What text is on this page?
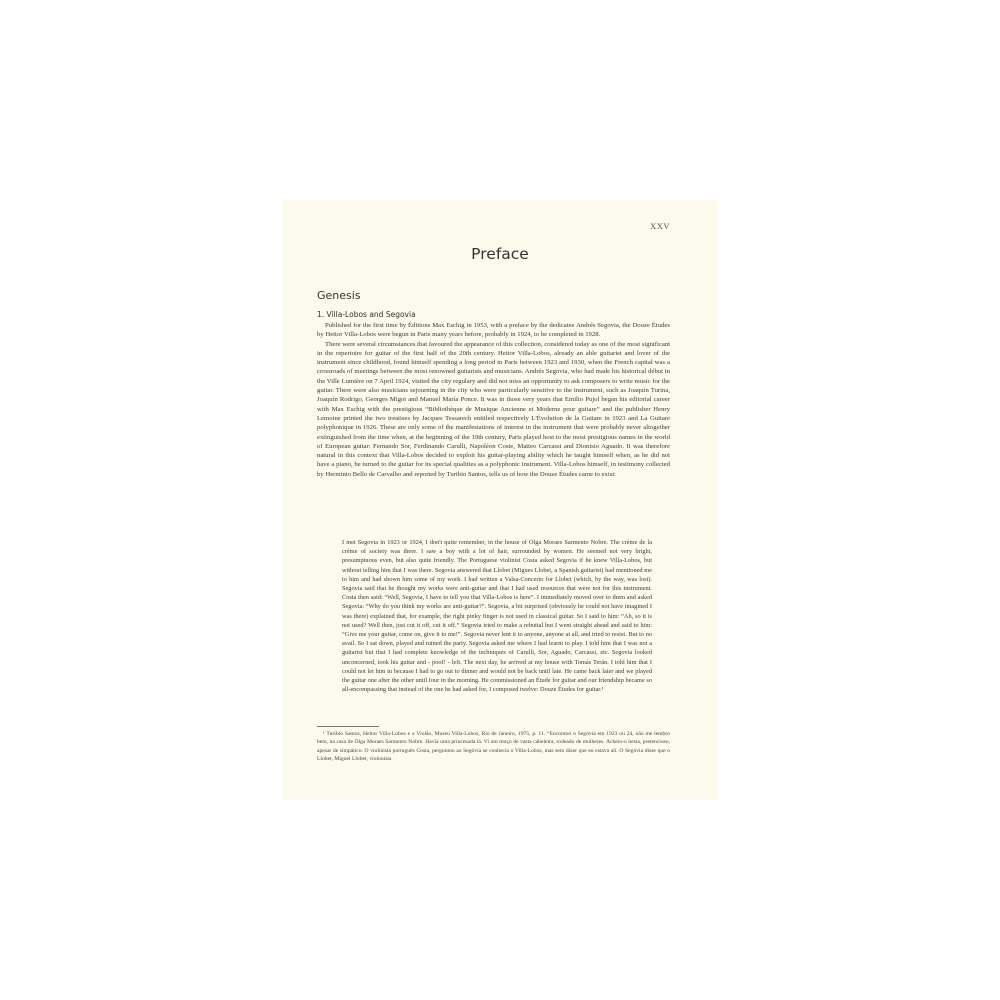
XXV
Preface
Genesis
1. Villa-Lobos and Segovia

Published for the first time by Éditions Max Eschig in 1953, with a preface by the dedicatee Andrés Segovia, the Douze Études by Heitor Villa-Lobos were begun in Paris many years before, probably in 1924, to be completed in 1928.

There were several circumstances that favoured the appearance of this collection, considered today as one of the most significant in the repertoire for guitar of the first half of the 20th century. Heitor Villa-Lobos, already an able guitarist and lover of the instrument since childhood, found himself spending a long period in Paris between 1923 and 1930, when the French capital was a crossroads of meetings between the most renowned guitarists and musicians. Andrés Segovia, who had made his historical début in the Ville Lumière on 7 April 1924, visited the city regulary and did not miss an opportunity to ask composers to write music for the guitar. There were also musicians sejourning in the city who were particularly sensitive to the instrument, such as Joaquín Turina, Joaquín Rodrigo, Georges Migot and Manuel María Ponce. It was in those very years that Emilio Pujol began his editorial career with Max Eschig with the prestigious “Bibliothèque de Musique Ancienne et Moderne pour guitare” and the publisher Henry Lemoine printed the two treatises by Jacques Tessarech entitled respectively L'Évolution de la Guitare in 1923 and La Guitare polyphonique in 1926. These are only some of the manifestations of interest in the instrument that were probably never altogether extinguished from the time when, at the beginning of the 19th century, Paris played host to the most prestigious names in the world of European guitar: Fernando Sor, Ferdinando Carulli, Napoléon Coste, Matteo Carcassi and Dionisio Aguado. It was therefore natural in this context that Villa-Lobos decided to exploit his guitar-playing ability which he taught himself when, as he did not have a piano, he turned to the guitar for its special qualities as a polyphonic instrument. Villa-Lobos himself, in testimony collected by Herminio Bello de Carvalho and reported by Turibio Santos, tells us of how the Douze Études came to exist:

I met Segovia in 1923 or 1924, I don't quite remember, in the house of Olga Moraes Sarmento Nobre. The crème de la crème of society was there. I saw a boy with a lot of hair, surrounded by women. He seemed not very bright, presumptuous even, but also quite friendly. The Portuguese violinist Costa asked Segovia if he knew Villa-Lobos, but without telling him that I was there. Segovia answered that Llobet (Migues Llobet, a Spanish guitarist) had mentioned me to him and had shown him some of my work. I had written a Valsa-Concerto for Llobet (which, by the way, was lost). Segovia said that he thought my works were anti-guitar and that I had used resources that were not for this instrument. Costa then said: “Well, Segovia, I have to tell you that Villa-Lobos is here”. I immediately moved over to them and asked Segovia: “Why do you think my works are anti-guitar?”. Segovia, a bit surprised (obviously he could not have imagined I was there) explained that, for example, the right pinky finger is not used in classical guitar. So I said to him: “Ah, so it is not used? Well then, just cut it off, cut it off.” Segovia tried to make a rebuttal but I went straight ahead and said to him: “Give me your guitar, come on, give it to me!”. Segovia never lent it to anyone, anyone at all, and tried to resist. But to no avail. So I sat down, played and ruined the party. Segovia asked me where I had learnt to play. I told him that I was not a guitarist but that I had complete knowledge of the techniques of Carulli, Sor, Aguado, Carcassi, etc. Segovia looked unconcerned, took his guitar and - poof! - left. The next day, he arrived at my house with Tomás Terán. I told him that I could not let him in because I had to go out to dinner and would not be back until late. He came back later and we played the guitar one after the other until four in the morning. He commissioned an Étude for guitar and our friendship became so all-encompassing that instead of the one he had asked for, I composed twelve: Douze Études for guitar.¹

¹ Turibio Santos, Heitor Villa-Lobos e o Violão, Museu Villa-Lobos, Rio de Janeiro, 1975, p. 11. “Encontrei o Segóvia em 1923 ou 24, não me lembro bem, na casa de Olga Moraes Sarmento Nobre. Havia uma princesada lá. Vi um moço de vasta cabeleira, rodeado de mulheres. Acheio-o besta, pretencioso, apesar de simpático. O violinista português Costa, perguntou ao Segóvia se conhecia o Villa-Lobos, mas sem dizer que eu estava ali. O Segóvia disse que o Llobet, Miguel Llobet, violonista
